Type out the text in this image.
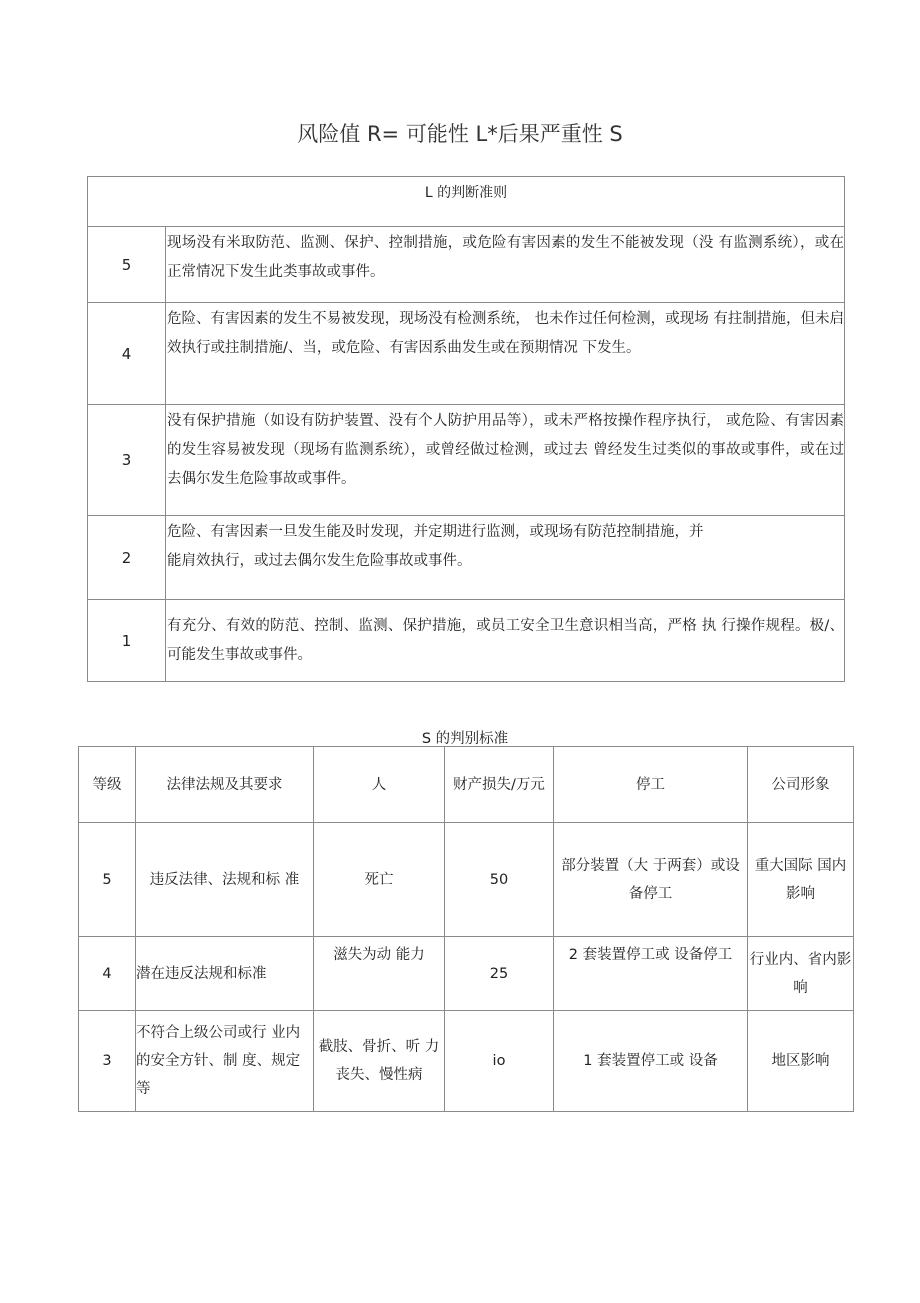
风险值 R= 可能性 L*后果严重性 S
L 的判断准则	
5	现场没有米取防范、监测、保护、控制措施，或危险有害因素的发生不能被发现（没 有监测系统），或在正常情况下发生此类事故或事件。
4	危险、有害因素的发生不易被发现，现场没有检测系统， 也未作过任何检测，或现场 有拄制措施，但未启效执行或拄制措施/、当，或危险、有害因系曲发生或在预期情况 下发生。
3	没有保护措施（如设有防护装置、没有个人防护用品等），或未严格按操作程序执行， 或危险、有害因素的发生容易被发现（现场有监测系统），或曾经做过检测，或过去 曾经发生过类似的事故或事件，或在过去偶尔发生危险事故或事件。
2	危险、有害因素一旦发生能及时发现，并定期进行监测，或现场有防范控制措施，并
能肩效执行，或过去偶尔发生危险事故或事件。

1	有充分、有效的防范、控制、监测、保护措施，或员工安全卫生意识相当高，严格 执 行操作规程。极/、可能发生事故或事件。
S 的判别标准
等级	法律法规及其要求	人	财产损失/万元	停工	公司形象
5	违反法律、法规和标 准	死亡	50	部分装置（大 于两套）或设备停工	重大国际 国内影响
4	潜在违反法规和标准	滋失为动 能力	25	2 套装置停工或 设备停工	行业内、省内影响
3	不符合上级公司或行 业内的安全方针、制 度、规定等	截肢、骨折、听 力丧失、慢性病	io	1 套装置停工或 设备	地区影响
